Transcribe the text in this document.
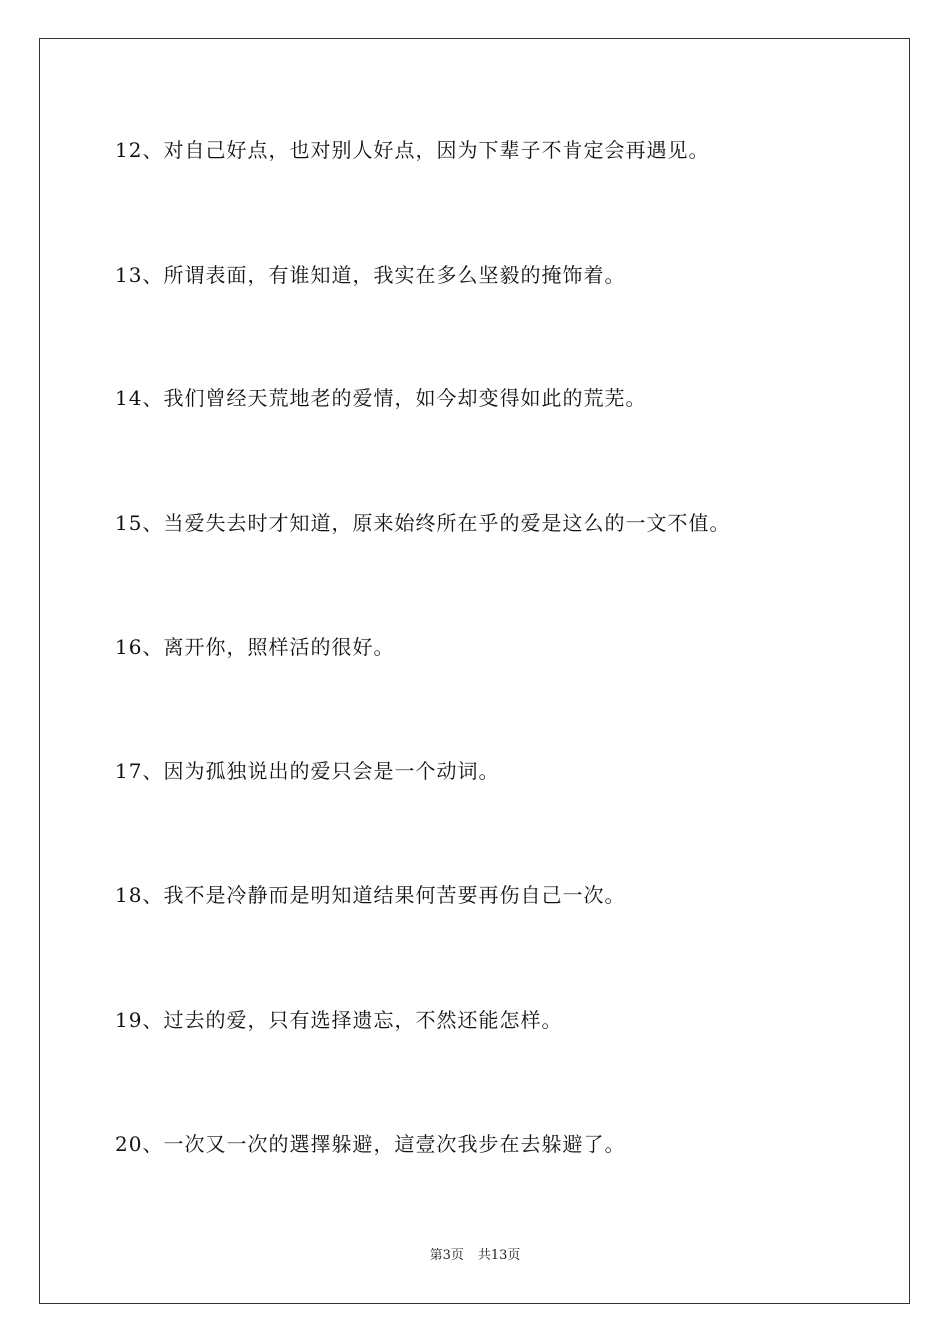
12、对自己好点，也对别人好点，因为下辈子不肯定会再遇见。
13、所谓表面，有谁知道，我实在多么坚毅的掩饰着。
14、我们曾经天荒地老的爱情，如今却变得如此的荒芜。
15、当爱失去时才知道，原来始终所在乎的爱是这么的一文不值。
16、离开你，照样活的很好。
17、因为孤独说出的爱只会是一个动词。
18、我不是冷静而是明知道结果何苦要再伤自己一次。
19、过去的爱，只有选择遗忘，不然还能怎样。
20、一次又一次的選擇躲避，這壹次我步在去躲避了。
第3页 共13页
